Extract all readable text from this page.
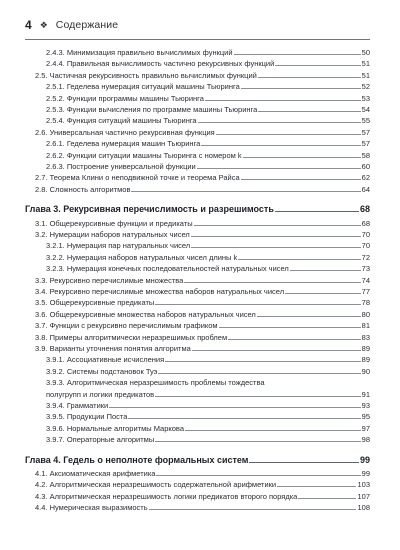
4 ❖ Содержание
2.4.3. Минимизация правильно вычислимых функций	50
2.4.4. Правильная вычислимость частично рекурсивных функций	51
2.5. Частичная рекурсивность правильно вычислимых функций	51
2.5.1. Геделева нумерация ситуаций машины Тьюринга	52
2.5.2. Функции программы машины Тьюринга	53
2.5.3. Функции вычисления по программе машины Тьюринга	54
2.5.4. Функция ситуаций машины Тьюринга	55
2.6. Универсальная частично рекурсивная функция	57
2.6.1. Геделева нумерация машин Тьюринга	57
2.6.2. Функции ситуации машины Тьюринга с номером k	58
2.6.3. Построение универсальной функции	60
2.7. Теорема Клини о неподвижной точке и теорема Райса	62
2.8. Сложность алгоритмов	64
Глава 3. Рекурсивная перечислимость и разрешимость	68
3.1. Общерекурсивные функции и предикаты	68
3.2. Нумерации наборов натуральных чисел	70
3.2.1. Нумерация пар натуральных чисел	70
3.2.2. Нумерация наборов натуральных чисел длины k	72
3.2.3. Нумерация конечных последовательностей натуральных чисел	73
3.3. Рекурсивно перечислимые множества	74
3.4. Рекурсивно перечислимые множества наборов натуральных чисел	77
3.5. Общерекурсивные предикаты	78
3.6. Общерекурсивные множества наборов натуральных чисел	80
3.7. Функции с рекурсивно перечислимым графиком	81
3.8. Примеры алгоритмически неразрешимых проблем	83
3.9. Варианты уточнения понятия алгоритма	89
3.9.1. Ассоциативные исчисления	89
3.9.2. Системы подстановок Туэ	90
3.9.3. Алгоритмическая неразрешимость проблемы тождества
полугрупп и логики предикатов	91
3.9.4. Грамматики	93
3.9.5. Продукции Поста	95
3.9.6. Нормальные алгоритмы Маркова	97
3.9.7. Операторные алгоритмы	98
Глава 4. Гедель о неполноте формальных систем	99
4.1. Аксиоматическая арифметика	99
4.2. Алгоритмическая неразрешимость содержательной арифметики	103
4.3. Алгоритмическая неразрешимость логики предикатов второго порядка	107
4.4. Нумерическая выразимость	108
